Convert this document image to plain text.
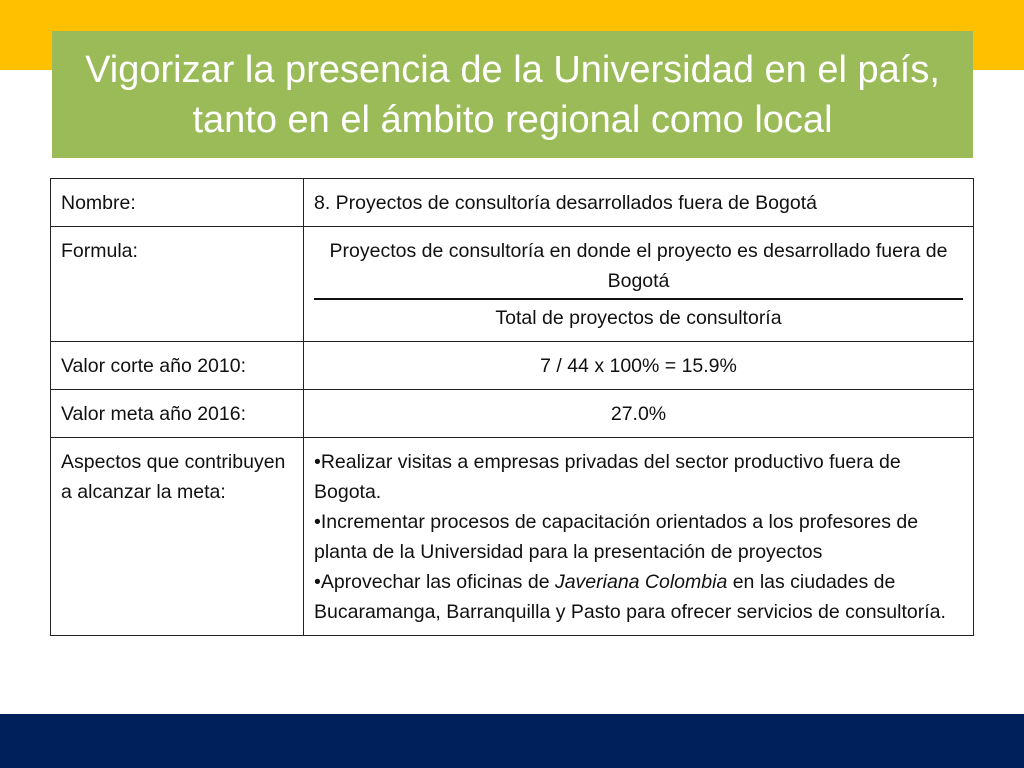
Vigorizar la presencia de la Universidad en el país, tanto en el ámbito regional como local
Nombre:	8. Proyectos de consultoría desarrollados fuera de Bogotá
Formula:	Proyectos de consultoría en donde el proyecto es desarrollado fuera de Bogotá
Total de proyectos de consultoría

Valor corte año 2010:	7 / 44 x 100% = 15.9%
Valor meta año 2016:	27.0%
Aspectos que contribuyen a alcanzar la meta:	•Realizar visitas a empresas privadas del sector productivo fuera de Bogota.
•Incrementar procesos de capacitación orientados a los profesores de planta de la Universidad para la presentación de proyectos
•Aprovechar las oficinas de Javeriana Colombia en las ciudades de Bucaramanga, Barranquilla y Pasto para ofrecer servicios de consultoría.
